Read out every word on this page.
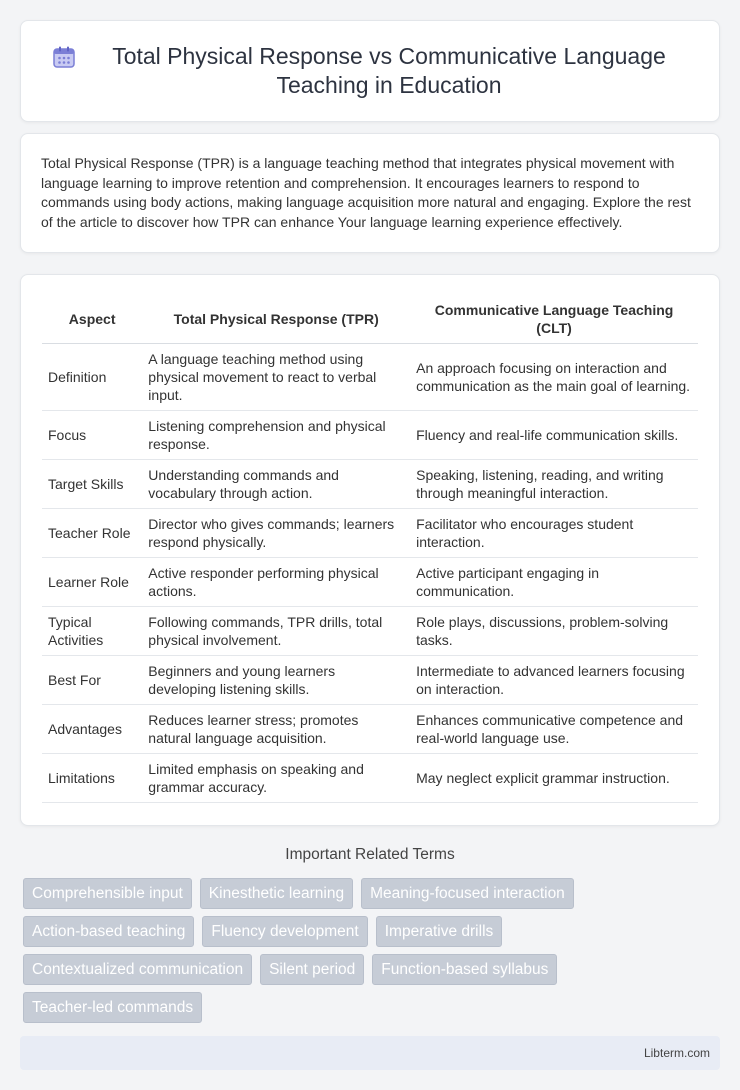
Total Physical Response vs Communicative Language Teaching in Education

Total Physical Response (TPR) is a language teaching method that integrates physical movement with language learning to improve retention and comprehension. It encourages learners to respond to commands using body actions, making language acquisition more natural and engaging. Explore the rest of the article to discover how TPR can enhance Your language learning experience effectively.

Aspect	Total Physical Response (TPR)	Communicative Language Teaching (CLT)
Definition	A language teaching method using physical movement to react to verbal input.	An approach focusing on interaction and communication as the main goal of learning.
Focus	Listening comprehension and physical response.	Fluency and real-life communication skills.
Target Skills	Understanding commands and vocabulary through action.	Speaking, listening, reading, and writing through meaningful interaction.
Teacher Role	Director who gives commands; learners respond physically.	Facilitator who encourages student interaction.
Learner Role	Active responder performing physical actions.	Active participant engaging in communication.
Typical Activities	Following commands, TPR drills, total physical involvement.	Role plays, discussions, problem-solving tasks.
Best For	Beginners and young learners developing listening skills.	Intermediate to advanced learners focusing on interaction.
Advantages	Reduces learner stress; promotes natural language acquisition.	Enhances communicative competence and real-world language use.
Limitations	Limited emphasis on speaking and grammar accuracy.	May neglect explicit grammar instruction.
Important Related Terms
Comprehensible input	Kinesthetic learning	Meaning-focused interaction
Action-based teaching	Fluency development	Imperative drills
Contextualized communication	Silent period	Function-based syllabus
Teacher-led commands
Libterm.com
